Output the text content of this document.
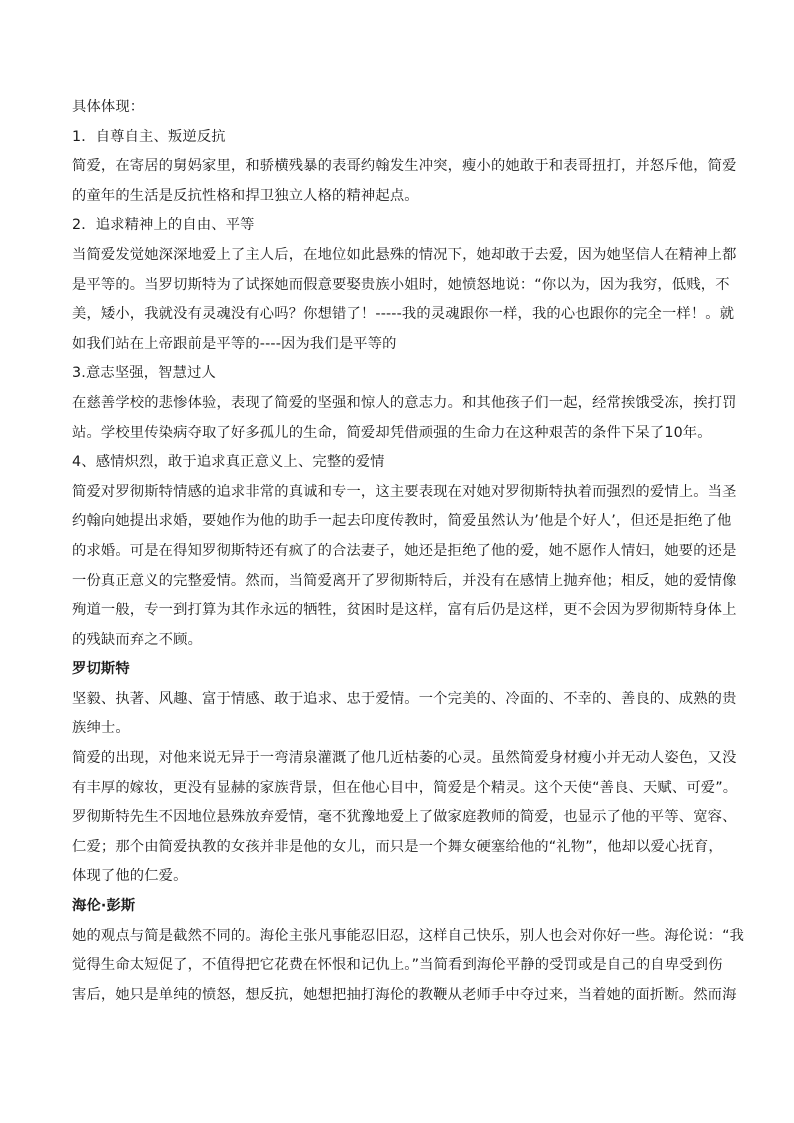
具体体现：
1．自尊自主、叛逆反抗
简爱，在寄居的舅妈家里，和骄横残暴的表哥约翰发生冲突，瘦小的她敢于和表哥扭打，并怒斥他，简爱
的童年的生活是反抗性格和捍卫独立人格的精神起点。
2．追求精神上的自由、平等
当简爱发觉她深深地爱上了主人后，在地位如此悬殊的情况下，她却敢于去爱，因为她坚信人在精神上都
是平等的。当罗切斯特为了试探她而假意要娶贵族小姐时，她愤怒地说：“你以为，因为我穷，低贱，不
美，矮小，我就没有灵魂没有心吗？你想错了！-----我的灵魂跟你一样，我的心也跟你的完全一样！。就
如我们站在上帝跟前是平等的----因为我们是平等的
3.意志坚强，智慧过人
在慈善学校的悲惨体验，表现了简爱的坚强和惊人的意志力。和其他孩子们一起，经常挨饿受冻，挨打罚
站。学校里传染病夺取了好多孤儿的生命，简爱却凭借顽强的生命力在这种艰苦的条件下呆了10年。
4、感情炽烈，敢于追求真正意义上、完整的爱情
简爱对罗彻斯特情感的追求非常的真诚和专一，这主要表现在对她对罗彻斯特执着而强烈的爱情上。当圣
约翰向她提出求婚，要她作为他的助手一起去印度传教时，简爱虽然认为’他是个好人’，但还是拒绝了他
的求婚。可是在得知罗彻斯特还有疯了的合法妻子，她还是拒绝了他的爱，她不愿作人情妇，她要的还是
一份真正意义的完整爱情。然而，当简爱离开了罗彻斯特后，并没有在感情上抛弃他；相反，她的爱情像
殉道一般，专一到打算为其作永远的牺牲，贫困时是这样，富有后仍是这样，更不会因为罗彻斯特身体上
的残缺而弃之不顾。
罗切斯特
坚毅、执著、风趣、富于情感、敢于追求、忠于爱情。一个完美的、冷面的、不幸的、善良的、成熟的贵
族绅士。
简爱的出现，对他来说无异于一弯清泉灌溉了他几近枯萎的心灵。虽然简爱身材瘦小并无动人姿色，又没
有丰厚的嫁妆，更没有显赫的家族背景，但在他心目中，简爱是个精灵。这个天使“善良、天赋、可爱”。
罗彻斯特先生不因地位悬殊放弃爱情，毫不犹豫地爱上了做家庭教师的简爱，也显示了他的平等、宽容、
仁爱；那个由简爱执教的女孩并非是他的女儿，而只是一个舞女硬塞给他的“礼物”，他却以爱心抚育，
体现了他的仁爱。
海伦·彭斯
她的观点与简是截然不同的。海伦主张凡事能忍旧忍，这样自己快乐，别人也会对你好一些。海伦说：“我
觉得生命太短促了，不值得把它花费在怀恨和记仇上。”当简看到海伦平静的受罚或是自己的自卑受到伤
害后，她只是单纯的愤怒，想反抗，她想把抽打海伦的教鞭从老师手中夺过来，当着她的面折断。然而海
